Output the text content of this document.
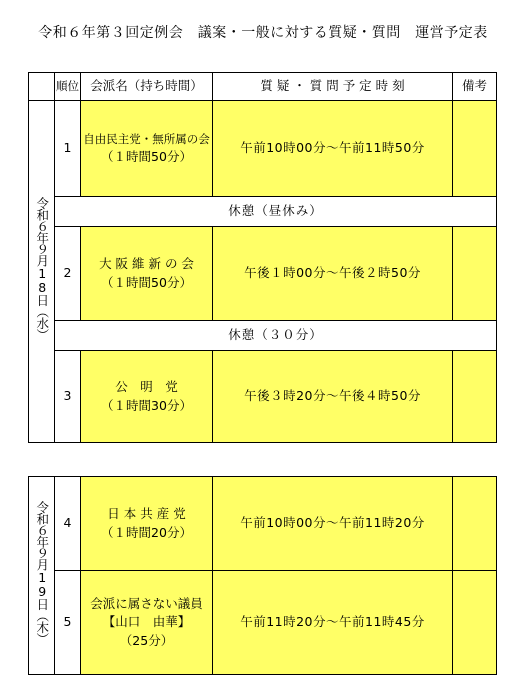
令和６年第３回定例会　議案・一般に対する質疑・質問　運営予定表
	順位	会派名（持ち時間）	質 疑 ・ 質 問 予 定 時 刻	備考
令和６年９月18日（水）	1	自由民主党・無所属の会
（１時間50分）	午前10時00分～午前11時50分	
	休憩（昼休み）			
	2	大 阪 維 新 の 会
（１時間50分）	午後１時00分～午後２時50分	
	休憩（３０分）			
	3	公　明　党
（１時間30分）	午後３時20分～午後４時50分	
令和６年９月19日（木）	4	日 本 共 産 党
（１時間20分）	午前10時00分～午前11時20分	
	5	会派に属さない議員
【山口　由華】
（25分）	午前11時20分～午前11時45分	
